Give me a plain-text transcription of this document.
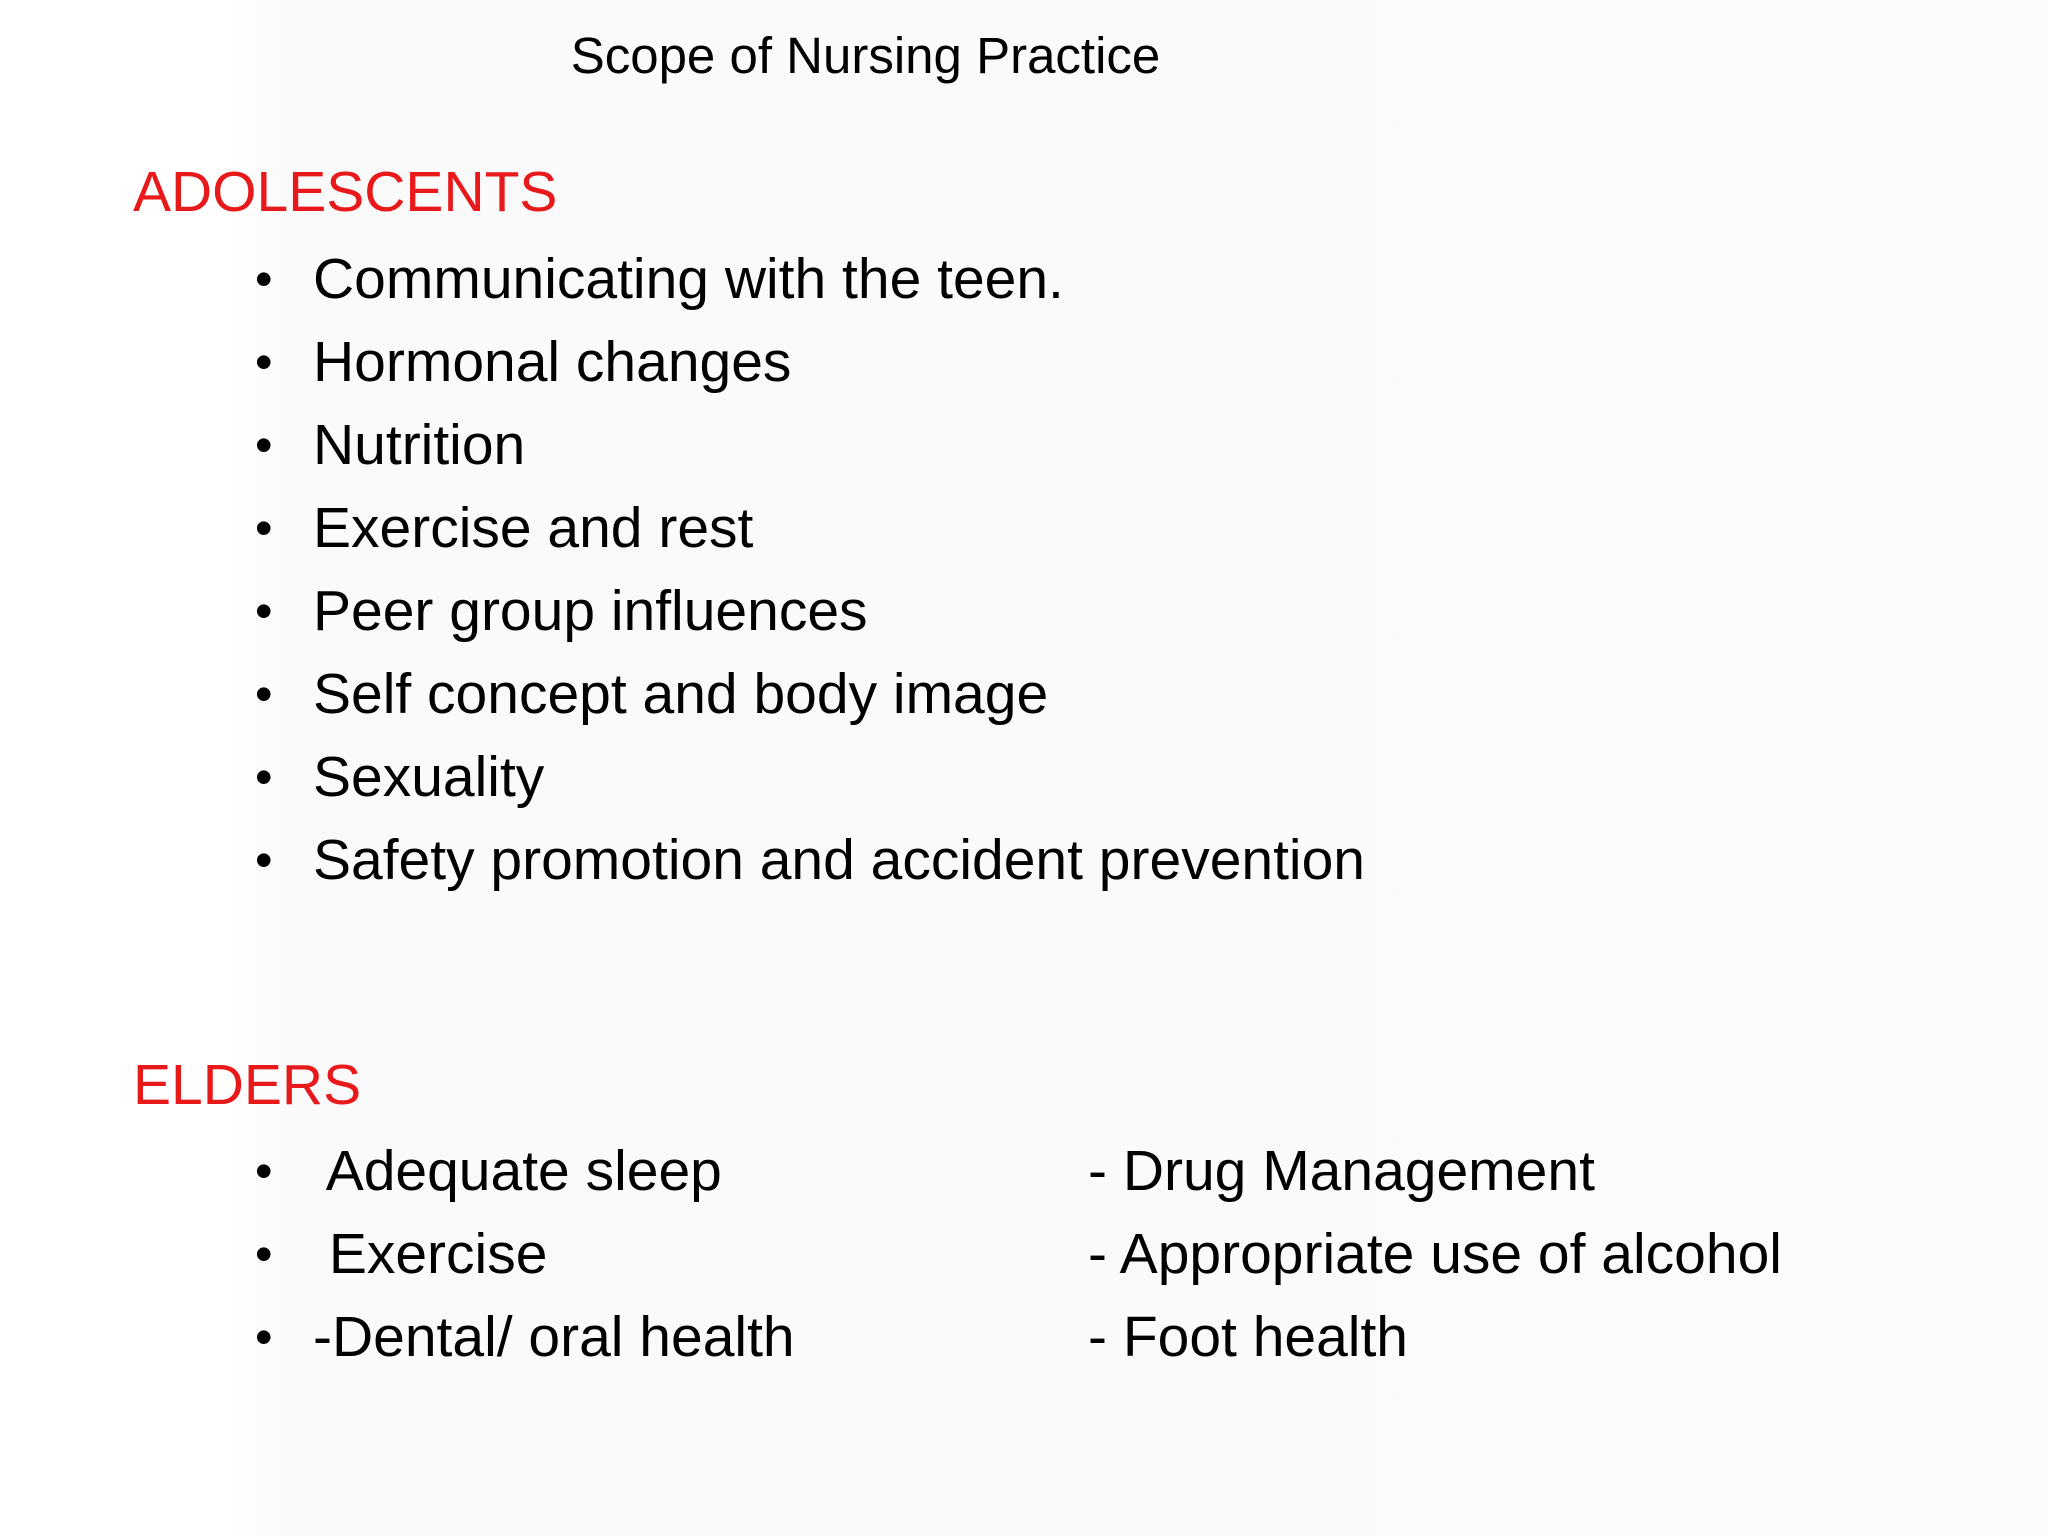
Scope of Nursing Practice
ADOLESCENTS
• Communicating with the teen.
• Hormonal changes
• Nutrition
• Exercise and rest
• Peer group influences
• Self concept and body image
• Sexuality
• Safety promotion and accident prevention
ELDERS
• Adequate sleep
• Exercise
• -Dental/ oral health
- Drug Management
- Appropriate use of alcohol
- Foot health
